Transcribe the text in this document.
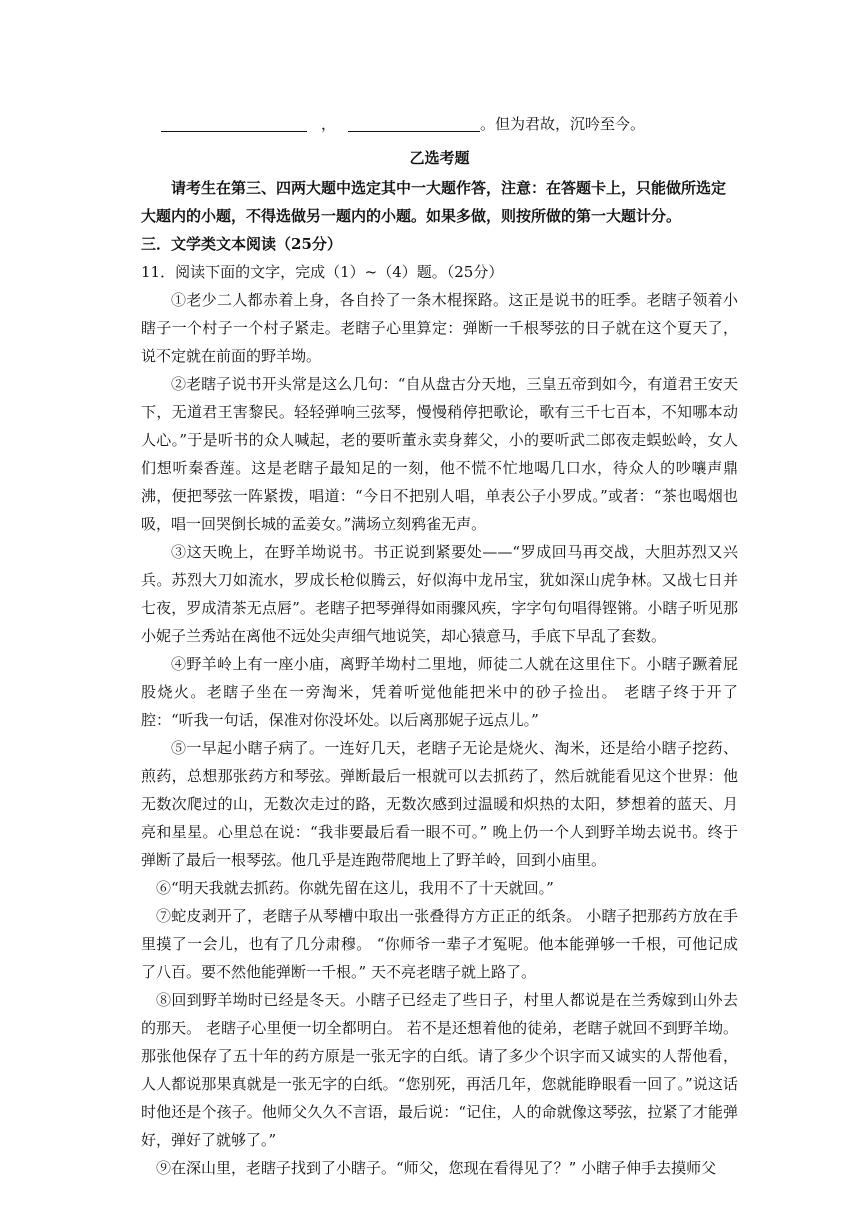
，	。但为君故，沉吟至今。
乙选考题

请考生在第三、四两大题中选定其中一大题作答，注意：在答题卡上，只能做所选定大题内的小题，不得选做另一题内的小题。如果多做，则按所做的第一大题计分。

三．文学类文本阅读（25分）

11．阅读下面的文字，完成（1）~（4）题。（25分）

①老少二人都赤着上身，各自拎了一条木棍探路。这正是说书的旺季。老瞎子领着小瞎子一个村子一个村子紧走。老瞎子心里算定：弹断一千根琴弦的日子就在这个夏天了，说不定就在前面的野羊坳。

②老瞎子说书开头常是这么几句：“自从盘古分天地，三皇五帝到如今，有道君王安天下，无道君王害黎民。轻轻弹响三弦琴，慢慢稍停把歌论，歌有三千七百本，不知哪本动人心。”于是听书的众人喊起，老的要听董永卖身葬父，小的要听武二郎夜走蜈蚣岭，女人们想听秦香莲。这是老瞎子最知足的一刻，他不慌不忙地喝几口水，待众人的吵嚷声鼎沸，便把琴弦一阵紧拨，唱道：“今日不把别人唱，单表公子小罗成。”或者：“茶也喝烟也吸，唱一回哭倒长城的孟姜女。”满场立刻鸦雀无声。

③这天晚上，在野羊坳说书。书正说到紧要处——“罗成回马再交战，大胆苏烈又兴兵。苏烈大刀如流水，罗成长枪似腾云，好似海中龙吊宝，犹如深山虎争林。又战七日并七夜，罗成清茶无点唇”。老瞎子把琴弹得如雨骤风疾，字字句句唱得铿锵。小瞎子听见那小妮子兰秀站在离他不远处尖声细气地说笑，却心猿意马，手底下早乱了套数。

④野羊岭上有一座小庙，离野羊坳村二里地，师徒二人就在这里住下。小瞎子蹶着屁股烧火。老瞎子坐在一旁淘米，凭着听觉他能把米中的砂子捡出。 老瞎子终于开了腔：“听我一句话，保准对你没坏处。以后离那妮子远点儿。”

⑤一早起小瞎子病了。一连好几天，老瞎子无论是烧火、淘米，还是给小瞎子挖药、煎药，总想那张药方和琴弦。弹断最后一根就可以去抓药了，然后就能看见这个世界：他无数次爬过的山，无数次走过的路，无数次感到过温暖和炽热的太阳，梦想着的蓝天、月亮和星星。心里总在说：“我非要最后看一眼不可。” 晚上仍一个人到野羊坳去说书。终于弹断了最后一根琴弦。他几乎是连跑带爬地上了野羊岭，回到小庙里。

⑥“明天我就去抓药。你就先留在这儿，我用不了十天就回。”

⑦蛇皮剥开了，老瞎子从琴槽中取出一张叠得方方正正的纸条。 小瞎子把那药方放在手里摸了一会儿，也有了几分肃穆。 “你师爷一辈子才冤呢。他本能弹够一千根，可他记成了八百。要不然他能弹断一千根。” 天不亮老瞎子就上路了。

⑧回到野羊坳时已经是冬天。小瞎子已经走了些日子，村里人都说是在兰秀嫁到山外去的那天。 老瞎子心里便一切全都明白。 若不是还想着他的徒弟，老瞎子就回不到野羊坳。那张他保存了五十年的药方原是一张无字的白纸。请了多少个识字而又诚实的人帮他看，人人都说那果真就是一张无字的白纸。“您别死，再活几年，您就能睁眼看一回了。”说这话时他还是个孩子。他师父久久不言语，最后说：“记住，人的命就像这琴弦，拉紧了才能弹好，弹好了就够了。”

⑨在深山里，老瞎子找到了小瞎子。“师父，您现在看得见了？” 小瞎子伸手去摸师父
